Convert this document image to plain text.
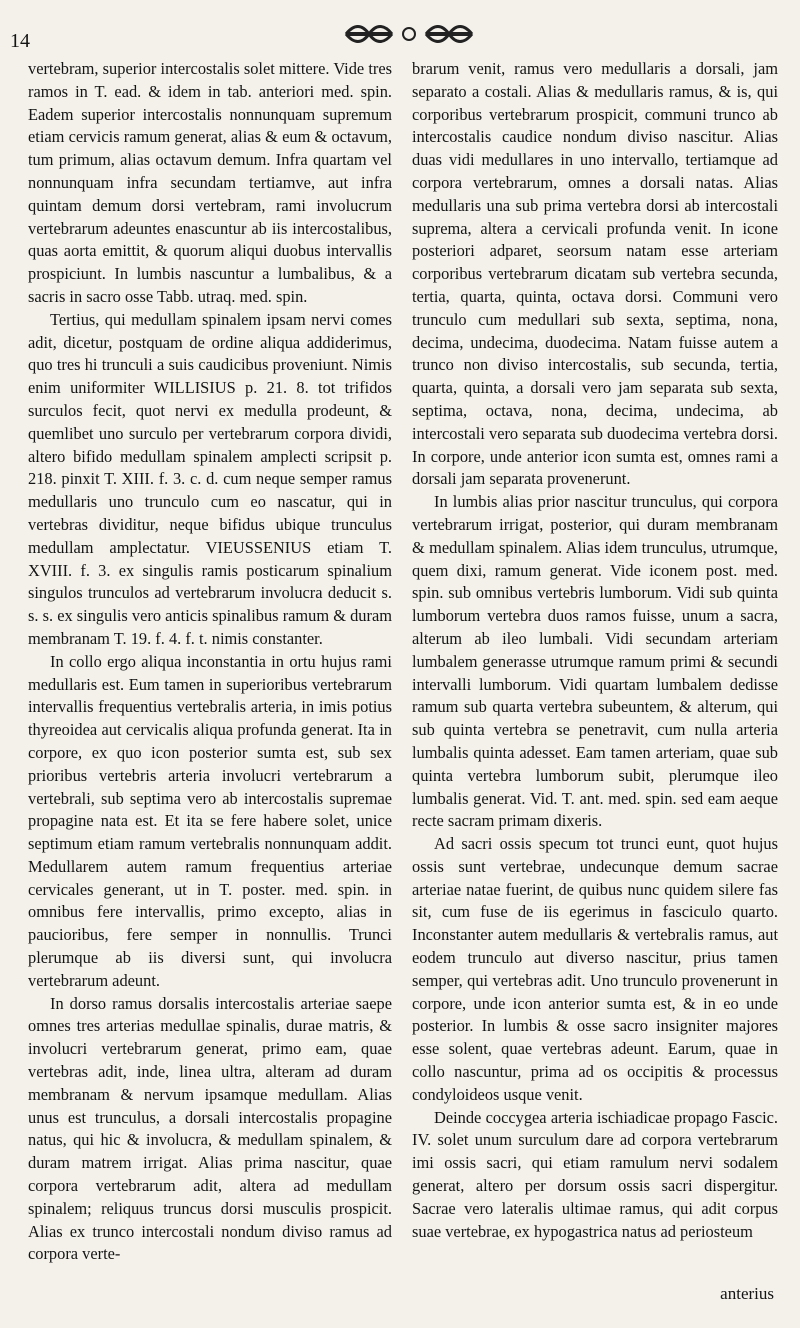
14

vertebram, superior intercostalis solet mittere. Vide tres ramos in T. ead. & idem in tab. anteriori med. spin. Eadem superior intercostalis nonnunquam supremum etiam cervicis ramum generat, alias & eum & octavum, tum primum, alias octavum demum. Infra quartam vel nonnunquam infra secundam tertiamve, aut infra quintam demum dorsi vertebram, rami involucrum vertebrarum adeuntes enascuntur ab iis intercostalibus, quas aorta emittit, & quorum aliqui duobus intervallis prospiciunt. In lumbis nascuntur a lumbalibus, & a sacris in sacro osse Tabb. utraq. med. spin.

Tertius, qui medullam spinalem ipsam nervi comes adit, dicetur, postquam de ordine aliqua addiderimus, quo tres hi trunculi a suis caudicibus proveniunt. Nimis enim uniformiter WILLISIUS p. 21. 8. tot trifidos surculos fecit, quot nervi ex medulla prodeunt, & quemlibet uno surculo per vertebrarum corpora dividi, altero bifido medullam spinalem amplecti scripsit p. 218. pinxit T. XIII. f. 3. c. d. cum neque semper ramus medullaris uno trunculo cum eo nascatur, qui in vertebras dividitur, neque bifidus ubique trunculus medullam amplectatur. VIEUSSENIUS etiam T. XVIII. f. 3. ex singulis ramis posticarum spinalium singulos trunculos ad vertebrarum involucra deducit s. s. s. ex singulis vero anticis spinalibus ramum & duram membranam T. 19. f. 4. f. t. nimis constanter.

In collo ergo aliqua inconstantia in ortu hujus rami medullaris est. Eum tamen in superioribus vertebrarum intervallis frequentius vertebralis arteria, in imis potius thyreoidea aut cervicalis aliqua profunda generat. Ita in corpore, ex quo icon posterior sumta est, sub sex prioribus vertebris arteria involucri vertebrarum a vertebrali, sub septima vero ab intercostalis supremae propagine nata est. Et ita se fere habere solet, unice septimum etiam ramum vertebralis nonnunquam addit. Medullarem autem ramum frequentius arteriae cervicales generant, ut in T. poster. med. spin. in omnibus fere intervallis, primo excepto, alias in paucioribus, fere semper in nonnullis. Trunci plerumque ab iis diversi sunt, qui involucra vertebrarum adeunt.

In dorso ramus dorsalis intercostalis arteriae saepe omnes tres arterias medullae spinalis, durae matris, & involucri vertebrarum generat, primo eam, quae vertebras adit, inde, linea ultra, alteram ad duram membranam & nervum ipsamque medullam. Alias unus est trunculus, a dorsali intercostalis propagine natus, qui hic & involucra, & medullam spinalem, & duram matrem irrigat. Alias prima nascitur, quae corpora vertebrarum adit, altera ad medullam spinalem; reliquus truncus dorsi musculis prospicit. Alias ex trunco intercostali nondum diviso ramus ad corpora verte-

brarum venit, ramus vero medullaris a dorsali, jam separato a costali. Alias & medullaris ramus, & is, qui corporibus vertebrarum prospicit, communi trunco ab intercostalis caudice nondum diviso nascitur. Alias duas vidi medullares in uno intervallo, tertiamque ad corpora vertebrarum, omnes a dorsali natas. Alias medullaris una sub prima vertebra dorsi ab intercostali suprema, altera a cervicali profunda venit. In icone posteriori adparet, seorsum natam esse arteriam corporibus vertebrarum dicatam sub vertebra secunda, tertia, quarta, quinta, octava dorsi. Communi vero trunculo cum medullari sub sexta, septima, nona, decima, undecima, duodecima. Natam fuisse autem a trunco non diviso intercostalis, sub secunda, tertia, quarta, quinta, a dorsali vero jam separata sub sexta, septima, octava, nona, decima, undecima, ab intercostali vero separata sub duodecima vertebra dorsi. In corpore, unde anterior icon sumta est, omnes rami a dorsali jam separata provenerunt.

In lumbis alias prior nascitur trunculus, qui corpora vertebrarum irrigat, posterior, qui duram membranam & medullam spinalem. Alias idem trunculus, utrumque, quem dixi, ramum generat. Vide iconem post. med. spin. sub omnibus vertebris lumborum. Vidi sub quinta lumborum vertebra duos ramos fuisse, unum a sacra, alterum ab ileo lumbali. Vidi secundam arteriam lumbalem generasse utrumque ramum primi & secundi intervalli lumborum. Vidi quartam lumbalem dedisse ramum sub quarta vertebra subeuntem, & alterum, qui sub quinta vertebra se penetravit, cum nulla arteria lumbalis quinta adesset. Eam tamen arteriam, quae sub quinta vertebra lumborum subit, plerumque ileo lumbalis generat. Vid. T. ant. med. spin. sed eam aeque recte sacram primam dixeris.

Ad sacri ossis specum tot trunci eunt, quot hujus ossis sunt vertebrae, undecunque demum sacrae arteriae natae fuerint, de quibus nunc quidem silere fas sit, cum fuse de iis egerimus in fasciculo quarto. Inconstanter autem medullaris & vertebralis ramus, aut eodem trunculo aut diverso nascitur, prius tamen semper, qui vertebras adit. Uno trunculo provenerunt in corpore, unde icon anterior sumta est, & in eo unde posterior. In lumbis & osse sacro insigniter majores esse solent, quae vertebras adeunt. Earum, quae in collo nascuntur, prima ad os occipitis & processus condyloideos usque venit.

Deinde coccygea arteria ischiadicae propago Fascic. IV. solet unum surculum dare ad corpora vertebrarum imi ossis sacri, qui etiam ramulum nervi sodalem generat, altero per dorsum ossis sacri dispergitur. Sacrae vero lateralis ultimae ramus, qui adit corpus suae vertebrae, ex hypogastrica natus ad periosteum

anterius
